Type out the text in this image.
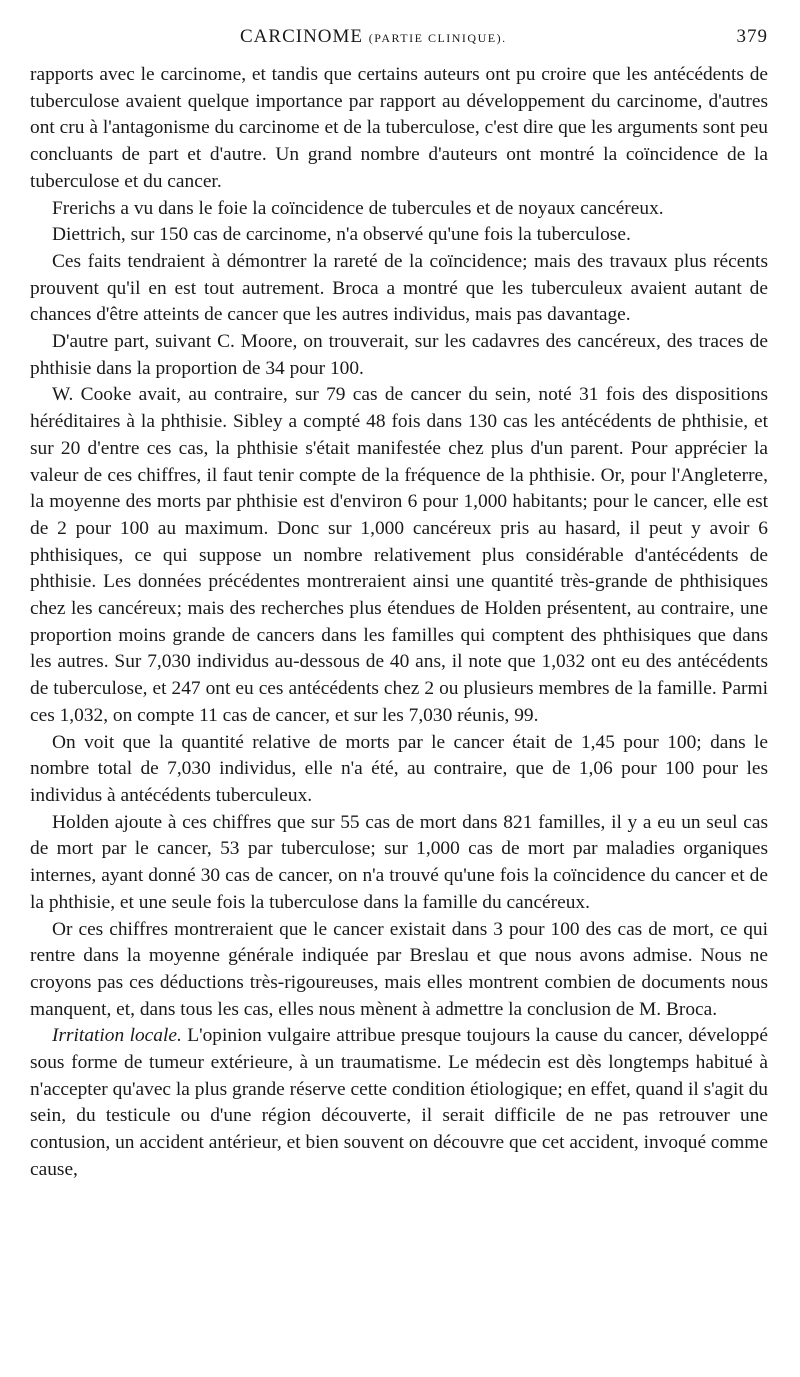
CARCINOME (PARTIE CLINIQUE).	379

rapports avec le carcinome, et tandis que certains auteurs ont pu croire que les antécédents de tuberculose avaient quelque importance par rapport au développement du carcinome, d'autres ont cru à l'antagonisme du carcinome et de la tuberculose, c'est dire que les arguments sont peu concluants de part et d'autre. Un grand nombre d'auteurs ont montré la coïncidence de la tuberculose et du cancer.

Frerichs a vu dans le foie la coïncidence de tubercules et de noyaux cancéreux.

Diettrich, sur 150 cas de carcinome, n'a observé qu'une fois la tuberculose.

Ces faits tendraient à démontrer la rareté de la coïncidence; mais des travaux plus récents prouvent qu'il en est tout autrement. Broca a montré que les tuberculeux avaient autant de chances d'être atteints de cancer que les autres individus, mais pas davantage.

D'autre part, suivant C. Moore, on trouverait, sur les cadavres des cancéreux, des traces de phthisie dans la proportion de 34 pour 100.

W. Cooke avait, au contraire, sur 79 cas de cancer du sein, noté 31 fois des dispositions héréditaires à la phthisie. Sibley a compté 48 fois dans 130 cas les antécédents de phthisie, et sur 20 d'entre ces cas, la phthisie s'était manifestée chez plus d'un parent. Pour apprécier la valeur de ces chiffres, il faut tenir compte de la fréquence de la phthisie. Or, pour l'Angleterre, la moyenne des morts par phthisie est d'environ 6 pour 1,000 habitants; pour le cancer, elle est de 2 pour 100 au maximum. Donc sur 1,000 cancéreux pris au hasard, il peut y avoir 6 phthisiques, ce qui suppose un nombre relativement plus considérable d'antécédents de phthisie. Les données précédentes montreraient ainsi une quantité très-grande de phthisiques chez les cancéreux; mais des recherches plus étendues de Holden présentent, au contraire, une proportion moins grande de cancers dans les familles qui comptent des phthisiques que dans les autres. Sur 7,030 individus au-dessous de 40 ans, il note que 1,032 ont eu des antécédents de tuberculose, et 247 ont eu ces antécédents chez 2 ou plusieurs membres de la famille. Parmi ces 1,032, on compte 11 cas de cancer, et sur les 7,030 réunis, 99.

On voit que la quantité relative de morts par le cancer était de 1,45 pour 100; dans le nombre total de 7,030 individus, elle n'a été, au contraire, que de 1,06 pour 100 pour les individus à antécédents tuberculeux.

Holden ajoute à ces chiffres que sur 55 cas de mort dans 821 familles, il y a eu un seul cas de mort par le cancer, 53 par tuberculose; sur 1,000 cas de mort par maladies organiques internes, ayant donné 30 cas de cancer, on n'a trouvé qu'une fois la coïncidence du cancer et de la phthisie, et une seule fois la tuberculose dans la famille du cancéreux.

Or ces chiffres montreraient que le cancer existait dans 3 pour 100 des cas de mort, ce qui rentre dans la moyenne générale indiquée par Breslau et que nous avons admise. Nous ne croyons pas ces déductions très-rigoureuses, mais elles montrent combien de documents nous manquent, et, dans tous les cas, elles nous mènent à admettre la conclusion de M. Broca.

Irritation locale. L'opinion vulgaire attribue presque toujours la cause du cancer, développé sous forme de tumeur extérieure, à un traumatisme. Le médecin est dès longtemps habitué à n'accepter qu'avec la plus grande réserve cette condition étiologique; en effet, quand il s'agit du sein, du testicule ou d'une région découverte, il serait difficile de ne pas retrouver une contusion, un accident antérieur, et bien souvent on découvre que cet accident, invoqué comme cause,
